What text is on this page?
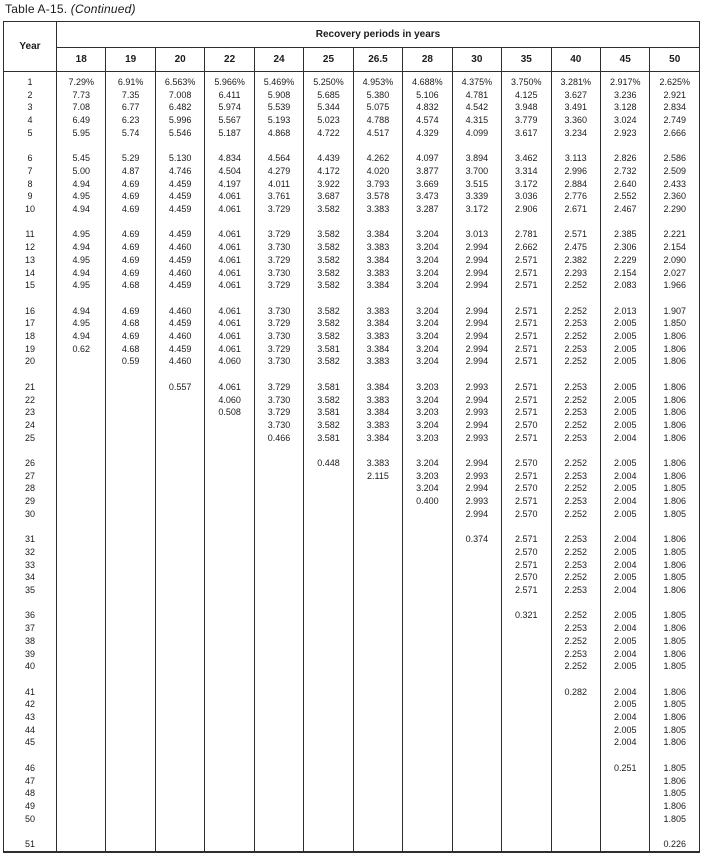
Table A-15. (Continued)
Year	Recovery periods in years												
	18	19	20	22	24	25	26.5	28	30	35	40	45	50

1	7.29%	6.91%	6.563%	5.966%	5.469%	5.250%	4.953%	4.688%	4.375%	3.750%	3.281%	2.917%	2.625%
2	7.73	7.35	7.008	6.411	5.908	5.685	5.380	5.106	4.781	4.125	3.627	3.236	2.921
3	7.08	6.77	6.482	5.974	5.539	5.344	5.075	4.832	4.542	3.948	3.491	3.128	2.834
4	6.49	6.23	5.996	5.567	5.193	5.023	4.788	4.574	4.315	3.779	3.360	3.024	2.749
5	5.95	5.74	5.546	5.187	4.868	4.722	4.517	4.329	4.099	3.617	3.234	2.923	2.666

6	5.45	5.29	5.130	4.834	4.564	4.439	4.262	4.097	3.894	3.462	3.113	2.826	2.586
7	5.00	4.87	4.746	4.504	4.279	4.172	4.020	3.877	3.700	3.314	2.996	2.732	2.509
8	4.94	4.69	4.459	4.197	4.011	3.922	3.793	3.669	3.515	3.172	2.884	2.640	2.433
9	4.95	4.69	4.459	4.061	3.761	3.687	3.578	3.473	3.339	3.036	2.776	2.552	2.360
10	4.94	4.69	4.459	4.061	3.729	3.582	3.383	3.287	3.172	2.906	2.671	2.467	2.290

11	4.95	4.69	4.459	4.061	3.729	3.582	3.384	3.204	3.013	2.781	2.571	2.385	2.221
12	4.94	4.69	4.460	4.061	3.730	3.582	3.383	3.204	2.994	2.662	2.475	2.306	2.154
13	4.95	4.69	4.459	4.061	3.729	3.582	3.384	3.204	2.994	2.571	2.382	2.229	2.090
14	4.94	4.69	4.460	4.061	3.730	3.582	3.383	3.204	2.994	2.571	2.293	2.154	2.027
15	4.95	4.68	4.459	4.061	3.729	3.582	3.384	3.204	2.994	2.571	2.252	2.083	1.966

16	4.94	4.69	4.460	4.061	3.730	3.582	3.383	3.204	2.994	2.571	2.252	2.013	1.907
17	4.95	4.68	4.459	4.061	3.729	3.582	3.384	3.204	2.994	2.571	2.253	2.005	1.850
18	4.94	4.69	4.460	4.061	3.730	3.582	3.383	3.204	2.994	2.571	2.252	2.005	1.806
19	0.62	4.68	4.459	4.061	3.729	3.581	3.384	3.204	2.994	2.571	2.253	2.005	1.806
20		0.59	4.460	4.060	3.730	3.582	3.383	3.204	2.994	2.571	2.252	2.005	1.806

21			0.557	4.061	3.729	3.581	3.384	3.203	2.993	2.571	2.253	2.005	1.806
22				4.060	3.730	3.582	3.383	3.204	2.994	2.571	2.252	2.005	1.806
23				0.508	3.729	3.581	3.384	3.203	2.993	2.571	2.253	2.005	1.806
24					3.730	3.582	3.383	3.204	2.994	2.570	2.252	2.005	1.806
25					0.466	3.581	3.384	3.203	2.993	2.571	2.253	2.004	1.806

26						0.448	3.383	3.204	2.994	2.570	2.252	2.005	1.806
27							2.115	3.203	2.993	2.571	2.253	2.004	1.806
28								3.204	2.994	2.570	2.252	2.005	1.805
29								0.400	2.993	2.571	2.253	2.004	1.806
30									2.994	2.570	2.252	2.005	1.805

31									0.374	2.571	2.253	2.004	1.806
32										2.570	2.252	2.005	1.805
33										2.571	2.253	2.004	1.806
34										2.570	2.252	2.005	1.805
35										2.571	2.253	2.004	1.806

36										0.321	2.252	2.005	1.805
37											2.253	2.004	1.806
38											2.252	2.005	1.805
39											2.253	2.004	1.806
40											2.252	2.005	1.805

41											0.282	2.004	1.806
42												2.005	1.805
43												2.004	1.806
44												2.005	1.805
45												2.004	1.806

46												0.251	1.805
47													1.806
48													1.805
49													1.806
50													1.805

51													0.226
